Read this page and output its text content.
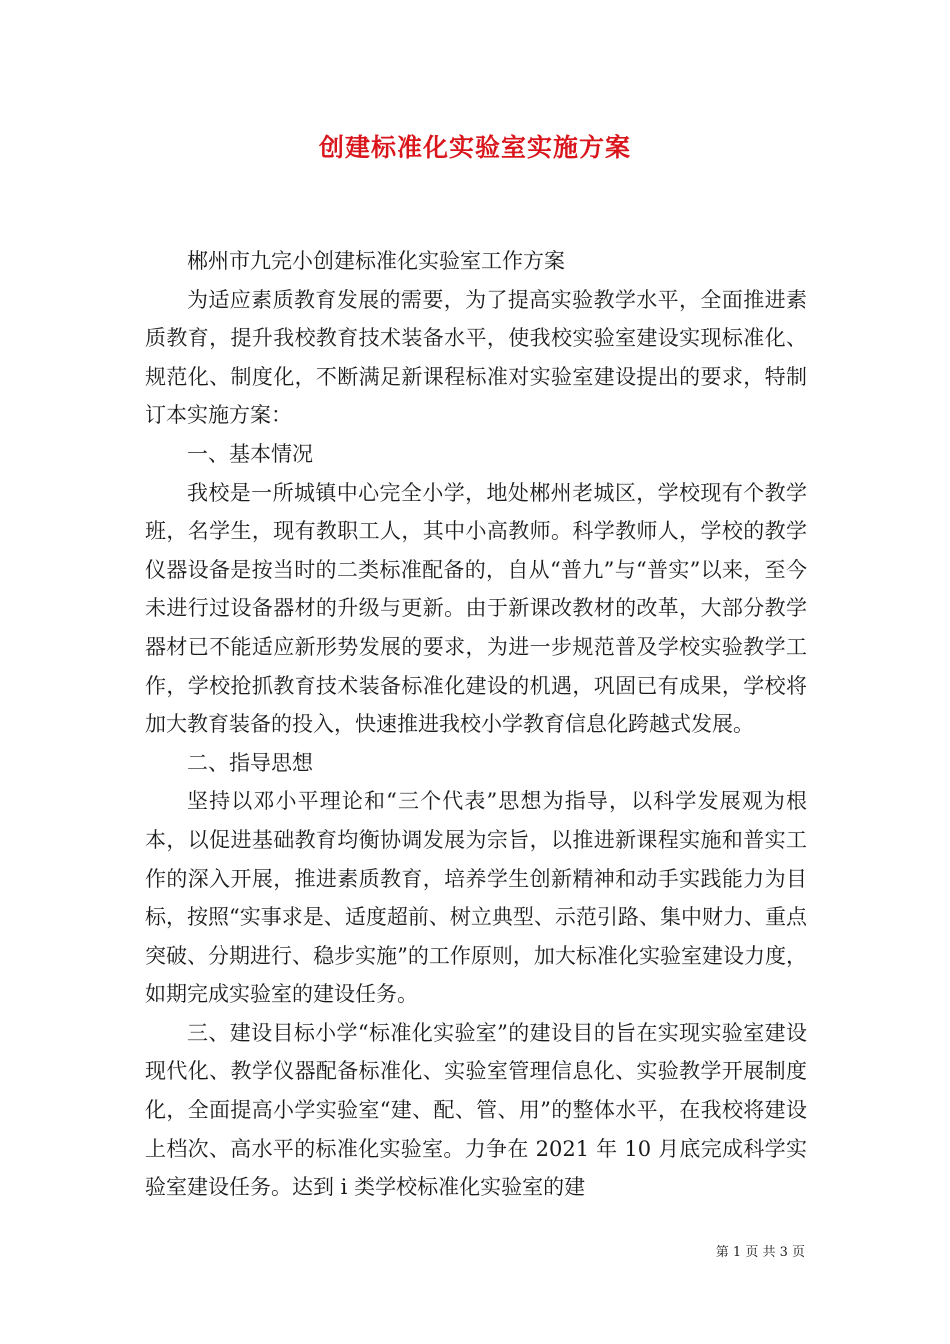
创建标准化实验室实施方案

郴州市九完小创建标准化实验室工作方案

为适应素质教育发展的需要，为了提高实验教学水平，全面推进素质教育，提升我校教育技术装备水平，使我校实验室建设实现标准化、规范化、制度化，不断满足新课程标准对实验室建设提出的要求，特制订本实施方案：

一、基本情况

我校是一所城镇中心完全小学，地处郴州老城区，学校现有个教学班，名学生，现有教职工人，其中小高教师。科学教师人，学校的教学仪器设备是按当时的二类标准配备的，自从“普九”与“普实”以来，至今未进行过设备器材的升级与更新。由于新课改教材的改革，大部分教学器材已不能适应新形势发展的要求，为进一步规范普及学校实验教学工作，学校抢抓教育技术装备标准化建设的机遇，巩固已有成果，学校将加大教育装备的投入，快速推进我校小学教育信息化跨越式发展。

二、指导思想

坚持以邓小平理论和“三个代表”思想为指导，以科学发展观为根本，以促进基础教育均衡协调发展为宗旨，以推进新课程实施和普实工作的深入开展，推进素质教育，培养学生创新精神和动手实践能力为目标，按照“实事求是、适度超前、树立典型、示范引路、集中财力、重点突破、分期进行、稳步实施”的工作原则，加大标准化实验室建设力度，如期完成实验室的建设任务。

三、建设目标小学“标准化实验室”的建设目的旨在实现实验室建设现代化、教学仪器配备标准化、实验室管理信息化、实验教学开展制度化，全面提高小学实验室“建、配、管、用”的整体水平，在我校将建设上档次、高水平的标准化实验室。力争在 2021 年 10 月底完成科学实验室建设任务。达到 i 类学校标准化实验室的建

第 1 页 共 3 页
